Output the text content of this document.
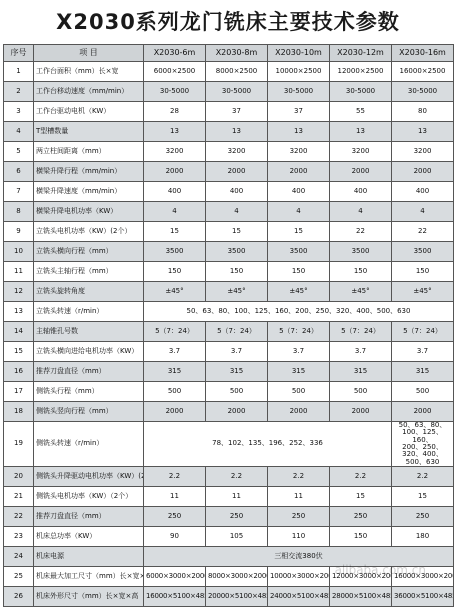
X2030系列龙门铣床主要技术参数
序号	项 目	X2030-6m	X2030-8m	X2030-10m	X2030-12m	X2030-16m
1	工作台面积（mm）长×宽	6000×2500	8000×2500	10000×2500	12000×2500	16000×2500
2	工作台移动速度（mm/min）	30-5000	30-5000	30-5000	30-5000	30-5000
3	工作台驱动电机（KW）	28	37	37	55	80
4	T型槽数量	13	13	13	13	13
5	两立柱间距离（mm）	3200	3200	3200	3200	3200
6	横梁升降行程（mm/min）	2000	2000	2000	2000	2000
7	横梁升降速度（mm/min）	400	400	400	400	400
8	横梁升降电机功率（KW）	4	4	4	4	4
9	立铣头电机功率（KW）(2个）	15	15	15	22	22
10	立铣头横向行程（mm）	3500	3500	3500	3500	3500
11	立铣头主轴行程（mm）	150	150	150	150	150
12	立铣头旋转角度	±45°	±45°	±45°	±45°	±45°
13	立铣头转速（r/min）	50、63、80、100、125、160、200、250、320、400、500、630				
14	主轴锥孔号数	5（7：24）	5（7：24）	5（7：24）	5（7：24）	5（7：24）
15	立铣头横向进给电机功率（KW）	3.7	3.7	3.7	3.7	3.7
16	推荐刀盘直径（mm）	315	315	315	315	315
17	侧铣头行程（mm）	500	500	500	500	500
18	侧铣头竖向行程（mm）	2000	2000	2000	2000	2000
19	侧铣头转速（r/min）	78、102、135、196、252、336				50、63、80、100、125、160、
200、250、320、400、500、630

20	侧铣头升降驱动电机功率（KW）(2个)	2.2	2.2	2.2	2.2	2.2
21	侧铣头电机功率（KW）（2个）	11	11	11	15	15
22	推荐刀盘直径（mm）	250	250	250	250	250
23	机床总功率（KW）	90	105	110	150	180
24	机床电源	三相交流380伏				
25	机床最大加工尺寸（mm）长×宽×高	6000×3000×2000	8000×3000×2000	10000×3000×20	12000×3000×20	16000×3000×20
26	机床外形尺寸（mm）长×宽×高	16000×5100×48	20000×5100×48	24000×5100×48	28000×5100×48	36000×5100×48
alibaba.com.cn
